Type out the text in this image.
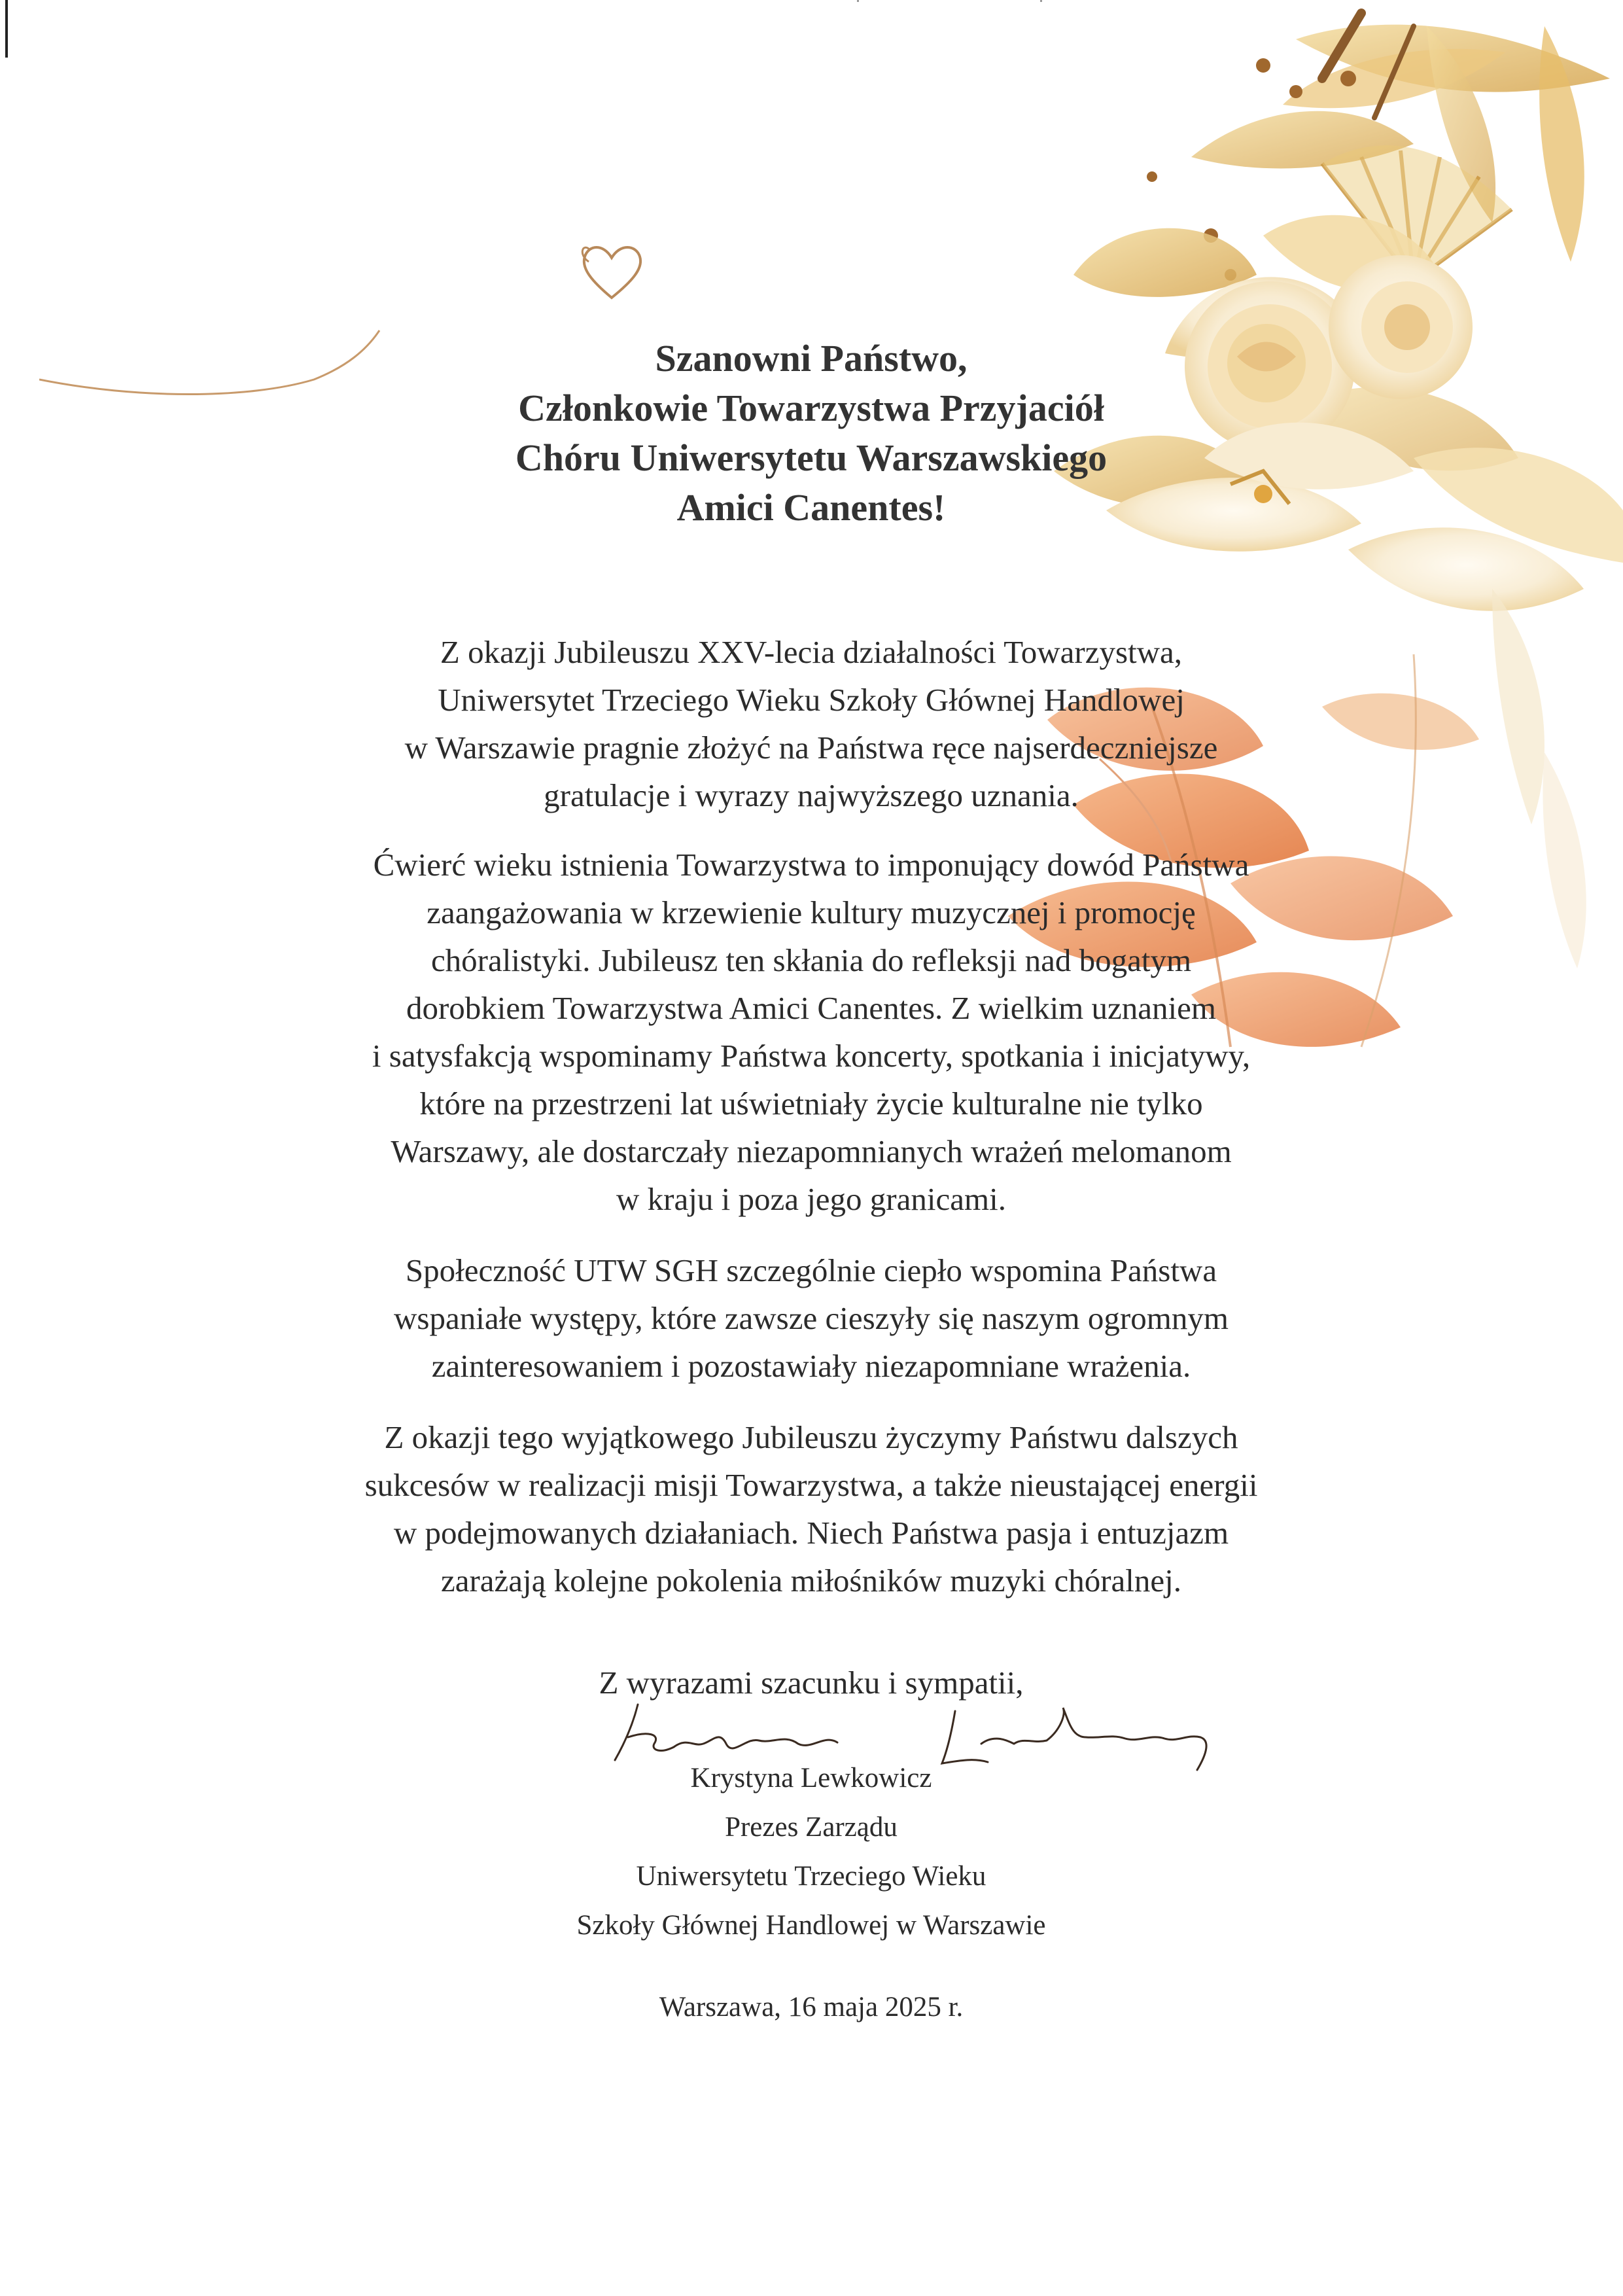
Szanowni Państwo,
Członkowie Towarzystwa Przyjaciół
Chóru Uniwersytetu Warszawskiego
Amici Canentes!
Z okazji Jubileuszu XXV-lecia działalności Towarzystwa,
Uniwersytet Trzeciego Wieku Szkoły Głównej Handlowej
w Warszawie pragnie złożyć na Państwa ręce najserdeczniejsze
gratulacje i wyrazy najwyższego uznania.
Ćwierć wieku istnienia Towarzystwa to imponujący dowód Państwa
zaangażowania w krzewienie kultury muzycznej i promocję
chóralistyki. Jubileusz ten skłania do refleksji nad bogatym
dorobkiem Towarzystwa Amici Canentes. Z wielkim uznaniem
i satysfakcją wspominamy Państwa koncerty, spotkania i inicjatywy,
które na przestrzeni lat uświetniały życie kulturalne nie tylko
Warszawy, ale dostarczały niezapomnianych wrażeń melomanom
w kraju i poza jego granicami.
Społeczność UTW SGH szczególnie ciepło wspomina Państwa
wspaniałe występy, które zawsze cieszyły się naszym ogromnym
zainteresowaniem i pozostawiały niezapomniane wrażenia.
Z okazji tego wyjątkowego Jubileuszu życzymy Państwu dalszych
sukcesów w realizacji misji Towarzystwa, a także nieustającej energii
w podejmowanych działaniach. Niech Państwa pasja i entuzjazm
zarażają kolejne pokolenia miłośników muzyki chóralnej.
Z wyrazami szacunku i sympatii,
Krystyna Lewkowicz
Prezes Zarządu
Uniwersytetu Trzeciego Wieku
Szkoły Głównej Handlowej w Warszawie
Warszawa, 16 maja 2025 r.
